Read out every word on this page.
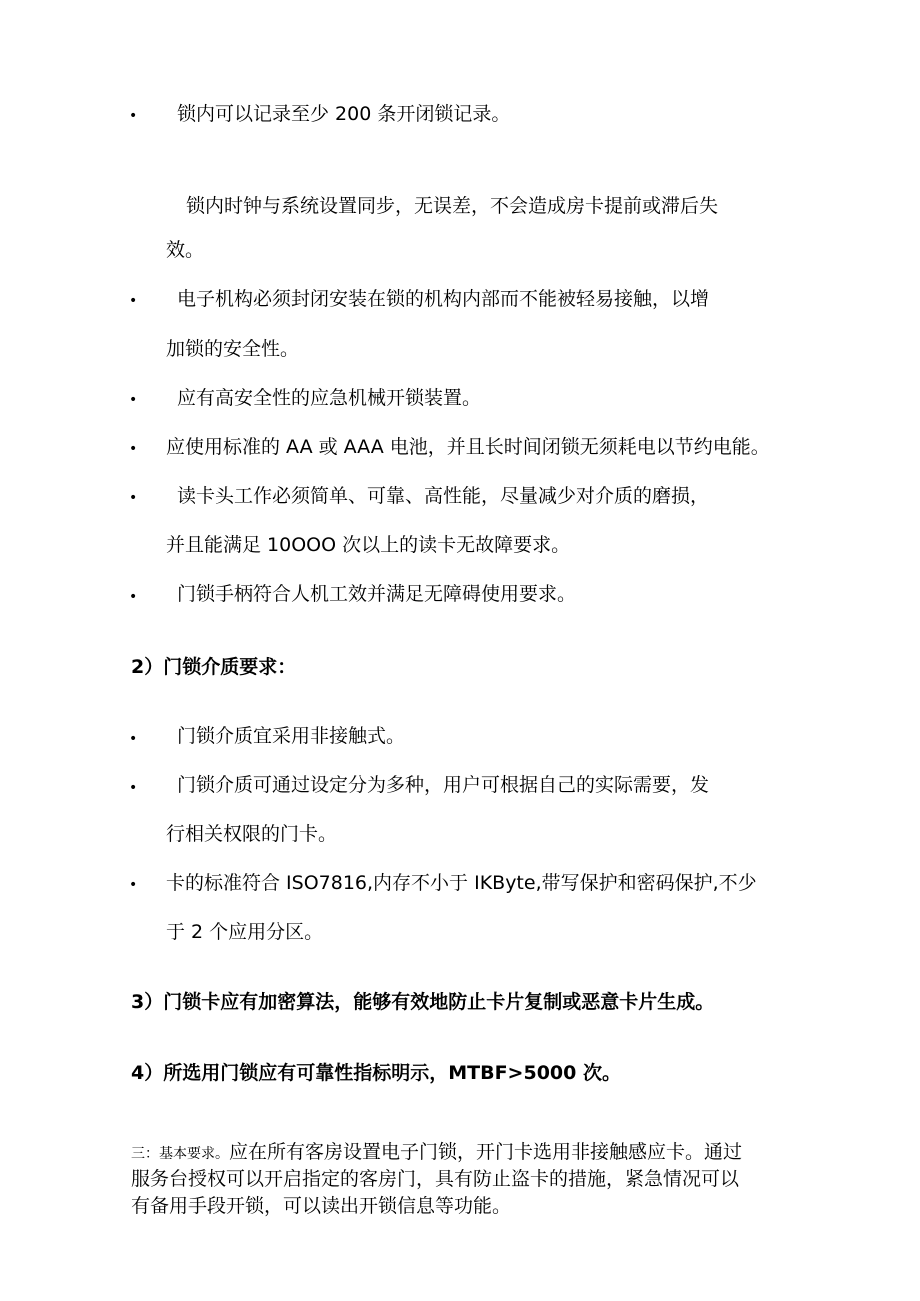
• 锁内可以记录至少 200 条开闭锁记录。
锁内时钟与系统设置同步，无误差，不会造成房卡提前或滞后失
效。
• 电子机构必须封闭安装在锁的机构内部而不能被轻易接触，以增
加锁的安全性。
• 应有高安全性的应急机械开锁装置。
• 应使用标准的 AA 或 AAA 电池，并且长时间闭锁无须耗电以节约电能。
• 读卡头工作必须简单、可靠、高性能，尽量减少对介质的磨损，
并且能满足 10OOO 次以上的读卡无故障要求。
• 门锁手柄符合人机工效并满足无障碍使用要求。
2）门锁介质要求：
• 门锁介质宜采用非接触式。
• 门锁介质可通过设定分为多种，用户可根据自己的实际需要，发
行相关权限的门卡。
• 卡的标准符合 ISO7816,内存不小于 IKByte,带写保护和密码保护,不少
于 2 个应用分区。
3）门锁卡应有加密算法，能够有效地防止卡片复制或恶意卡片生成。
4）所选用门锁应有可靠性指标明示，MTBF>5000 次。
三：基本要求。应在所有客房设置电子门锁，开门卡选用非接触感应卡。通过
服务台授权可以开启指定的客房门，具有防止盗卡的措施，紧急情况可以
有备用手段开锁，可以读出开锁信息等功能。
